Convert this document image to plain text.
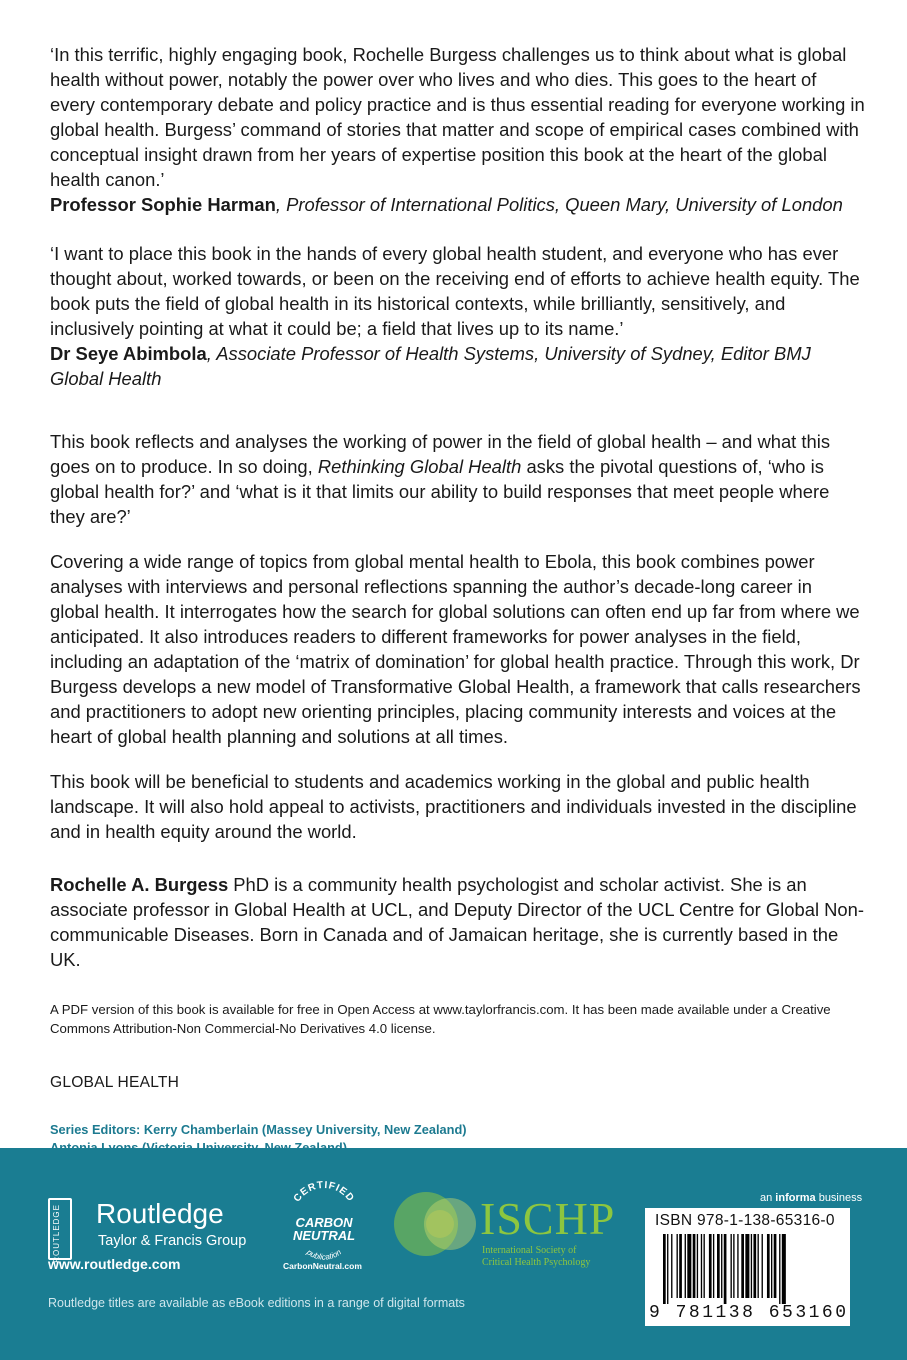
‘In this terrific, highly engaging book, Rochelle Burgess challenges us to think about what is global health without power, notably the power over who lives and who dies. This goes to the heart of every contemporary debate and policy practice and is thus essential reading for everyone working in global health. Burgess’ command of stories that matter and scope of empirical cases combined with conceptual insight drawn from her years of expertise position this book at the heart of the global health canon.’
Professor Sophie Harman, Professor of International Politics, Queen Mary, University of London

‘I want to place this book in the hands of every global health student, and everyone who has ever thought about, worked towards, or been on the receiving end of efforts to achieve health equity. The book puts the field of global health in its historical contexts, while brilliantly, sensitively, and inclusively pointing at what it could be; a field that lives up to its name.’
Dr Seye Abimbola, Associate Professor of Health Systems, University of Sydney, Editor BMJ Global Health

This book reflects and analyses the working of power in the field of global health – and what this goes on to produce. In so doing, Rethinking Global Health asks the pivotal questions of, ‘who is global health for?’ and ‘what is it that limits our ability to build responses that meet people where they are?’

Covering a wide range of topics from global mental health to Ebola, this book combines power analyses with interviews and personal reflections spanning the author’s decade-long career in global health. It interrogates how the search for global solutions can often end up far from where we anticipated. It also introduces readers to different frameworks for power analyses in the field, including an adaptation of the ‘matrix of domination’ for global health practice. Through this work, Dr Burgess develops a new model of Transformative Global Health, a framework that calls researchers and practitioners to adopt new orienting principles, placing community interests and voices at the heart of global health planning and solutions at all times.

This book will be beneficial to students and academics working in the global and public health landscape. It will also hold appeal to activists, practitioners and individuals invested in the discipline and in health equity around the world.

Rochelle A. Burgess PhD is a community health psychologist and scholar activist. She is an associate professor in Global Health at UCL, and Deputy Director of the UCL Centre for Global Non-communicable Diseases. Born in Canada and of Jamaican heritage, she is currently based in the UK.

A PDF version of this book is available for free in Open Access at www.taylorfrancis.com. It has been made available under a Creative Commons Attribution-Non Commercial-No Derivatives 4.0 license.

GLOBAL HEALTH

Series Editors: Kerry Chamberlain (Massey University, New Zealand)

ROUTLEDGE Routledge
Taylor & Francis Group
www.routledge.com
CERTIFIED
CARBON
NEUTRAL
publication
CarbonNeutral.com
ISCHP
International Society of
Critical Health Psychology
an informa business
ISBN 978-1-138-65316-0
9 781138 653160
Routledge titles are available as eBook editions in a range of digital formats
